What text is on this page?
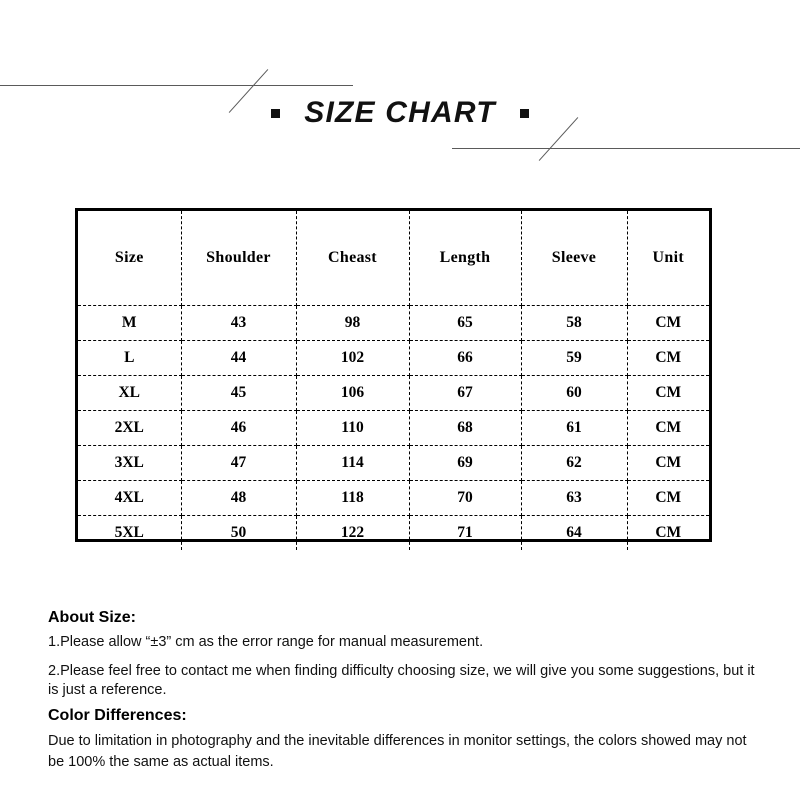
SIZE CHART
Size	Shoulder	Cheast	Length	Sleeve	Unit
M	43	98	65	58	CM
L	44	102	66	59	CM
XL	45	106	67	60	CM
2XL	46	110	68	61	CM
3XL	47	114	69	62	CM
4XL	48	118	70	63	CM
5XL	50	122	71	64	CM

About Size:

1.Please allow “±3” cm as the error range for manual measurement.

2.Please feel free to contact me when finding difficulty choosing size, we will give you some suggestions, but it is just a reference.

Color Differences:

Due to limitation in photography and the inevitable differences in monitor settings, the colors showed may not be 100% the same as actual items.
